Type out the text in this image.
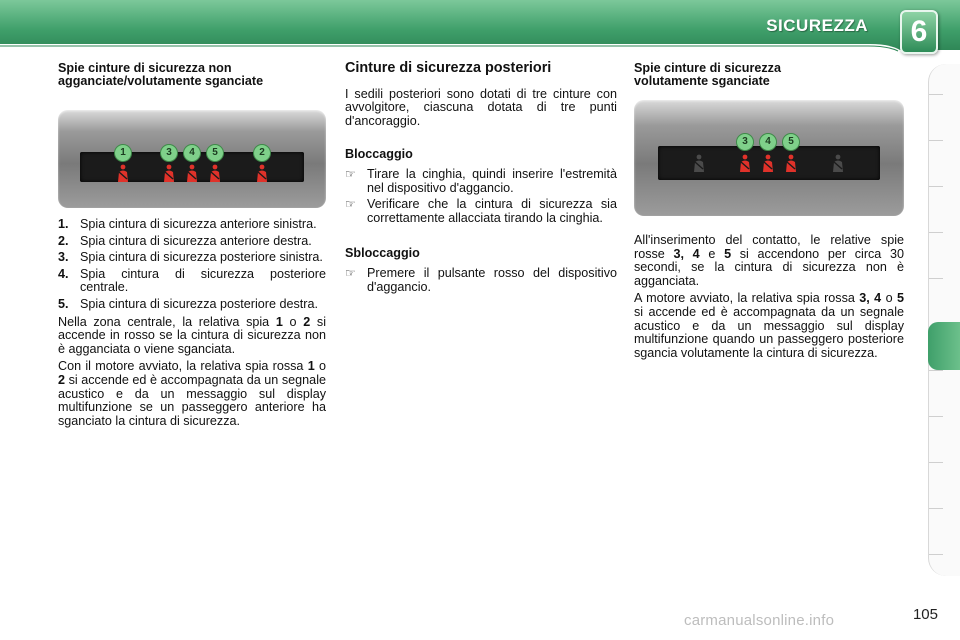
SICUREZZA	6
Spie cinture di sicurezza non
agganciate/volutamente sganciate
1	3	4	5	2
1. Spia cintura di sicurezza anteriore sinistra.
2. Spia cintura di sicurezza anteriore destra.
3. Spia cintura di sicurezza posteriore sinistra.
4. Spia cintura di sicurezza posteriore centrale.
5. Spia cintura di sicurezza posteriore destra.

Nella zona centrale, la relativa spia 1 o 2 si accende in rosso se la cintura di sicurezza non è agganciata o viene sganciata.

Con il motore avviato, la relativa spia rossa 1 o 2 si accende ed è accompagnata da un segnale acustico e da un messaggio sul display multifunzione se un passeggero anteriore ha sganciato la cintura di sicurezza.

Cinture di sicurezza posteriori

I sedili posteriori sono dotati di tre cinture con avvolgitore, ciascuna dotata di tre punti d'ancoraggio.

Bloccaggio
☞ Tirare la cinghia, quindi inserire l'estremità nel dispositivo d'aggancio.
☞ Verificare che la cintura di sicurezza sia correttamente allacciata tirando la cinghia.
Sbloccaggio
☞ Premere il pulsante rosso del dispositivo d'aggancio.
Spie cinture di sicurezza
volutamente sganciate
3	4	5

All'inserimento del contatto, le relative spie rosse 3, 4 e 5 si accendono per circa 30 secondi, se la cintura di sicurezza non è agganciata.

A motore avviato, la relativa spia rossa 3, 4 o 5 si accende ed è accompagnata da un segnale acustico e da un messaggio sul display multifunzione quando un passeggero posteriore sgancia volutamente la cintura di sicurezza.

carmanualsonline.info	105
